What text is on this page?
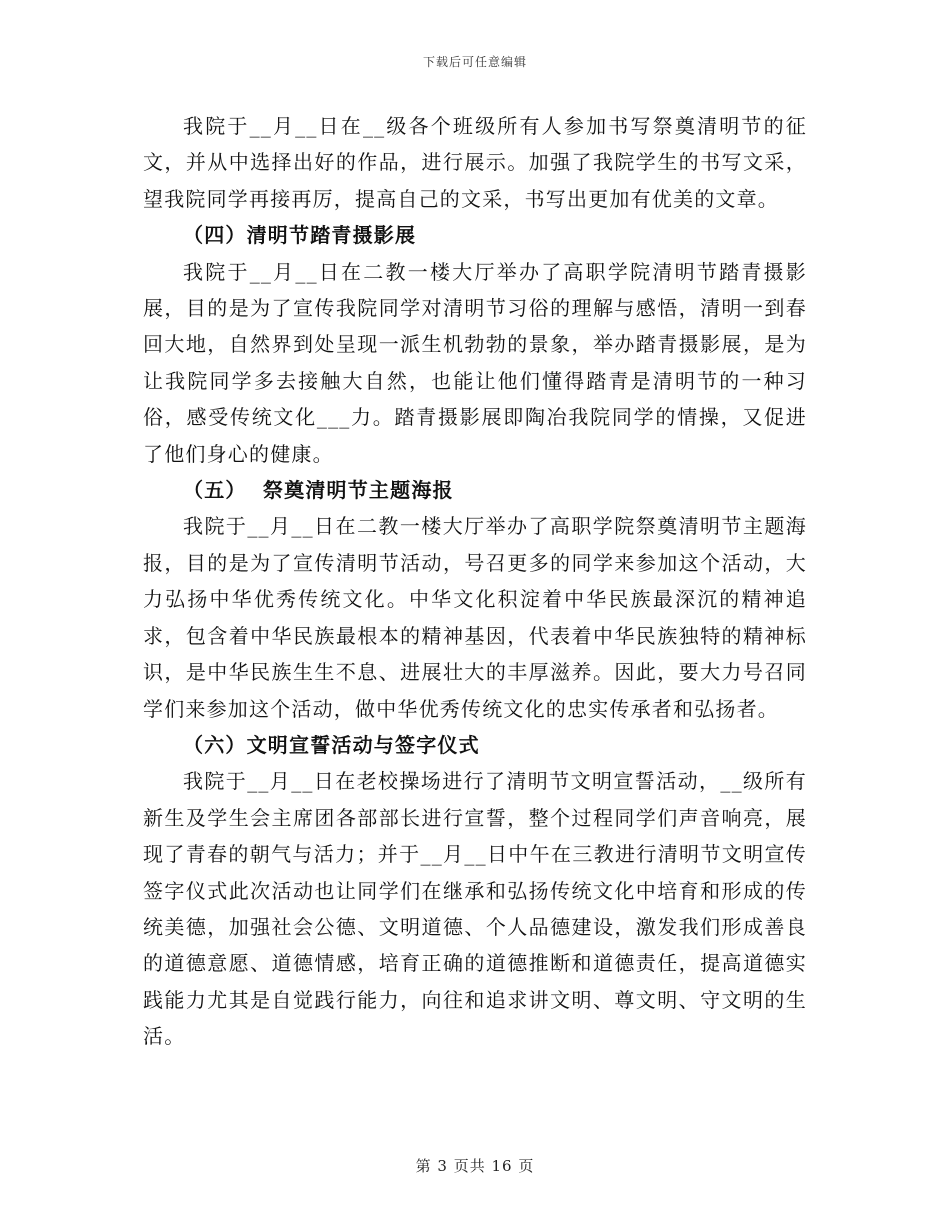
下载后可任意编辑

我院于__月__日在__级各个班级所有人参加书写祭奠清明节的征文，并从中选择出好的作品，进行展示。加强了我院学生的书写文采，望我院同学再接再厉，提高自己的文采，书写出更加有优美的文章。

（四）清明节踏青摄影展

我院于__月__日在二教一楼大厅举办了高职学院清明节踏青摄影展，目的是为了宣传我院同学对清明节习俗的理解与感悟，清明一到春回大地，自然界到处呈现一派生机勃勃的景象，举办踏青摄影展，是为让我院同学多去接触大自然，也能让他们懂得踏青是清明节的一种习俗，感受传统文化___力。踏青摄影展即陶冶我院同学的情操，又促进了他们身心的健康。

（五）  祭奠清明节主题海报

我院于__月__日在二教一楼大厅举办了高职学院祭奠清明节主题海报，目的是为了宣传清明节活动，号召更多的同学来参加这个活动，大力弘扬中华优秀传统文化。中华文化积淀着中华民族最深沉的精神追求，包含着中华民族最根本的精神基因，代表着中华民族独特的精神标识，是中华民族生生不息、进展壮大的丰厚滋养。因此，要大力号召同学们来参加这个活动，做中华优秀传统文化的忠实传承者和弘扬者。

（六）文明宣誓活动与签字仪式

我院于__月__日在老校操场进行了清明节文明宣誓活动，__级所有新生及学生会主席团各部部长进行宣誓，整个过程同学们声音响亮，展现了青春的朝气与活力；并于__月__日中午在三教进行清明节文明宣传签字仪式此次活动也让同学们在继承和弘扬传统文化中培育和形成的传统美德，加强社会公德、文明道德、个人品德建设，激发我们形成善良的道德意愿、道德情感，培育正确的道德推断和道德责任，提高道德实践能力尤其是自觉践行能力，向往和追求讲文明、尊文明、守文明的生活。

第 3 页共 16 页
